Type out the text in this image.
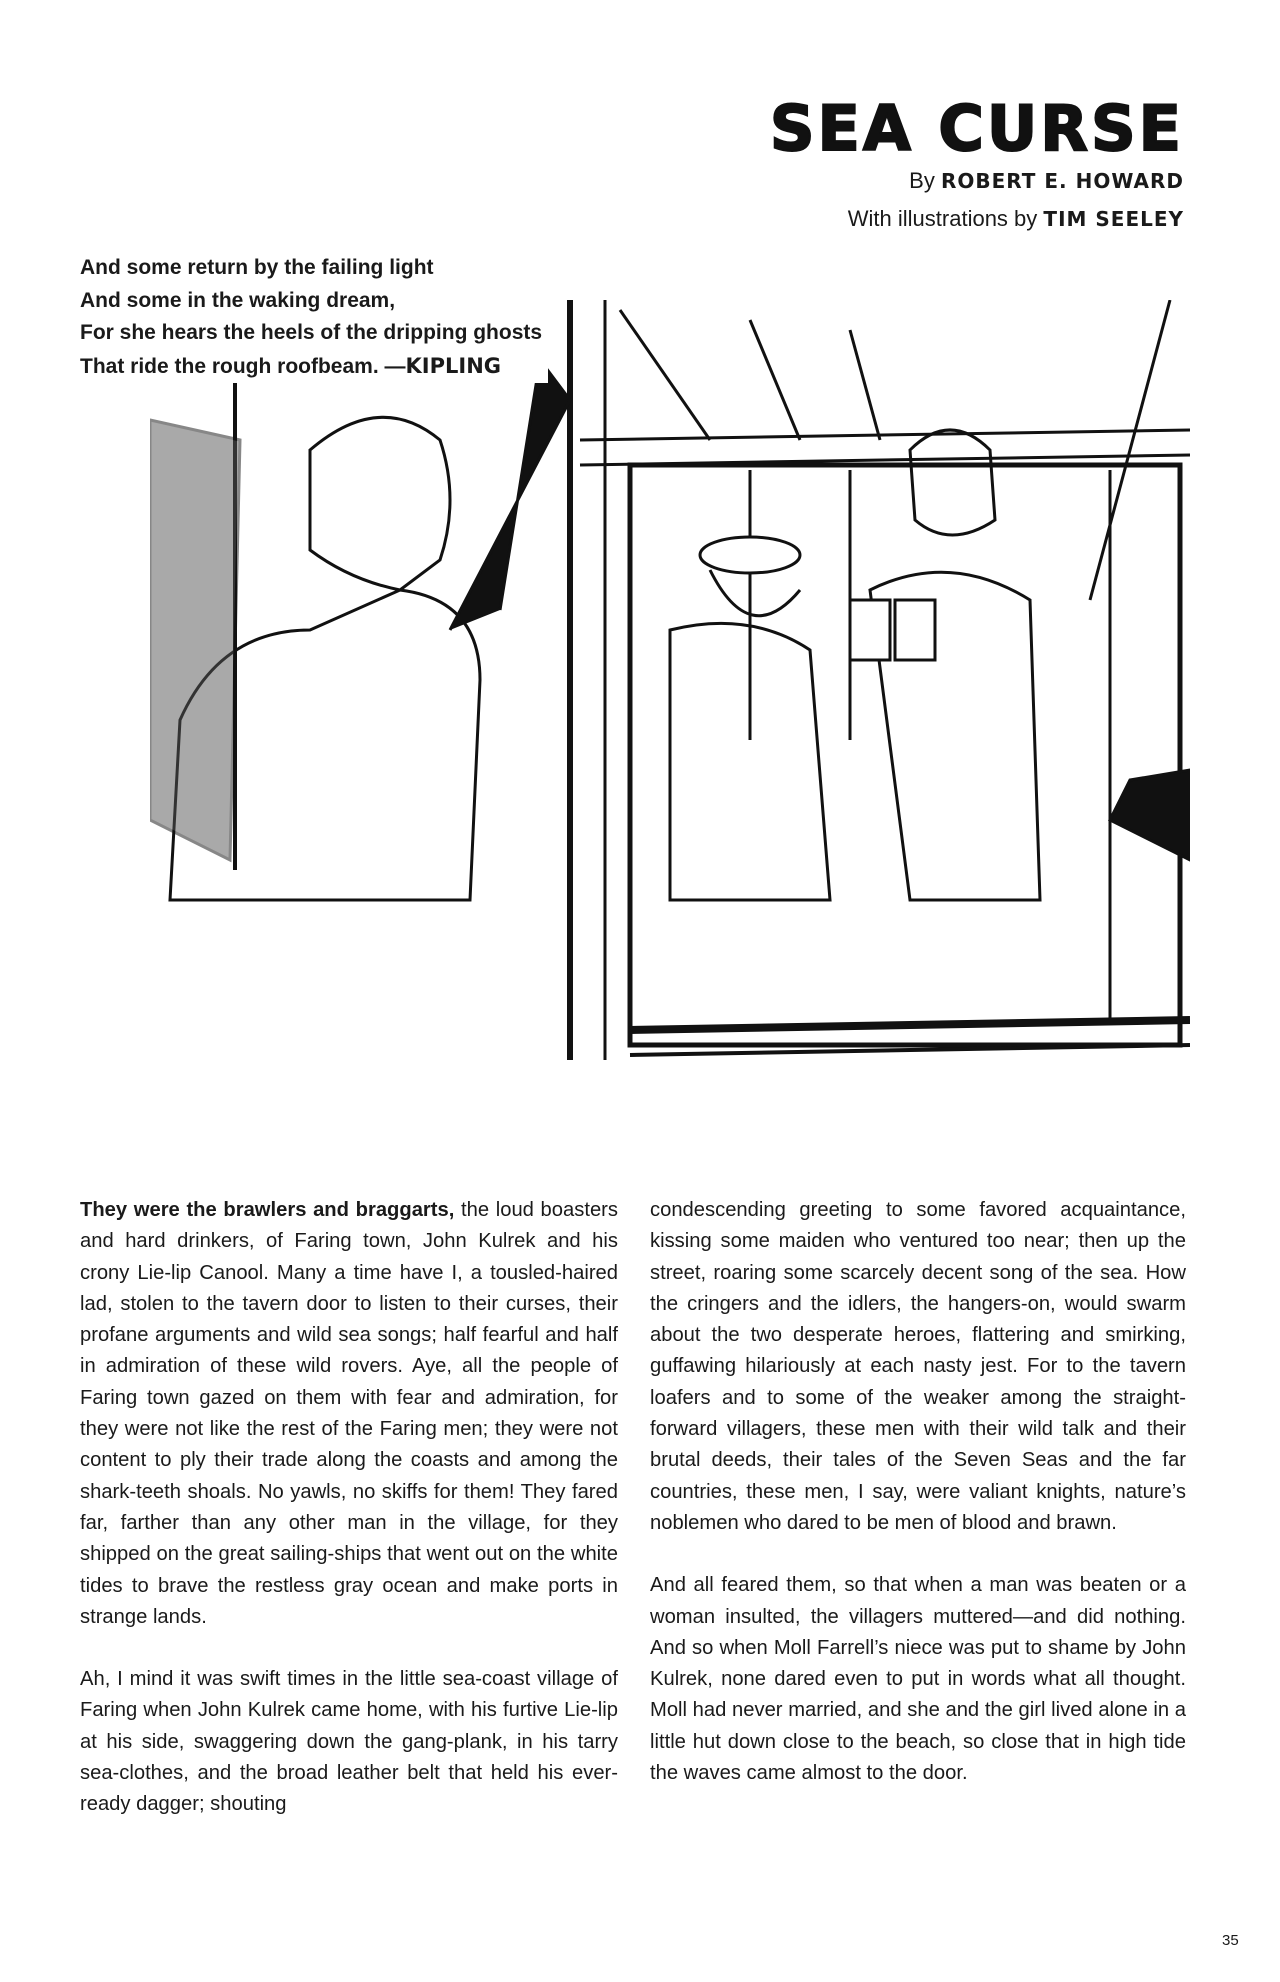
SEA CURSE
By ROBERT E. HOWARD
With illustrations by TIM SEELEY
And some return by the failing light
And some in the waking dream,
For she hears the heels of the dripping ghosts
That ride the rough roofbeam. —KIPLING

They were the brawlers and braggarts, the loud boasters and hard drinkers, of Faring town, John Kulrek and his crony Lie-lip Canool. Many a time have I, a tousled-haired lad, stolen to the tavern door to listen to their curses, their profane arguments and wild sea songs; half fearful and half in admiration of these wild rovers. Aye, all the people of Faring town gazed on them with fear and admiration, for they were not like the rest of the Faring men; they were not content to ply their trade along the coasts and among the shark-teeth shoals. No yawls, no skiffs for them! They fared far, farther than any other man in the village, for they shipped on the great sailing-ships that went out on the white tides to brave the restless gray ocean and make ports in strange lands.

Ah, I mind it was swift times in the little sea-coast village of Faring when John Kulrek came home, with his furtive Lie-lip at his side, swaggering down the gang-plank, in his tarry sea-clothes, and the broad leather belt that held his ever-ready dagger; shouting

condescending greeting to some favored acquaintance, kissing some maiden who ventured too near; then up the street, roaring some scarcely decent song of the sea. How the cringers and the idlers, the hangers-on, would swarm about the two desperate heroes, flattering and smirking, guffawing hilariously at each nasty jest. For to the tavern loafers and to some of the weaker among the straight-forward villagers, these men with their wild talk and their brutal deeds, their tales of the Seven Seas and the far countries, these men, I say, were valiant knights, nature’s noblemen who dared to be men of blood and brawn.

And all feared them, so that when a man was beaten or a woman insulted, the villagers muttered—and did nothing. And so when Moll Farrell’s niece was put to shame by John Kulrek, none dared even to put in words what all thought. Moll had never married, and she and the girl lived alone in a little hut down close to the beach, so close that in high tide the waves came almost to the door.

35
